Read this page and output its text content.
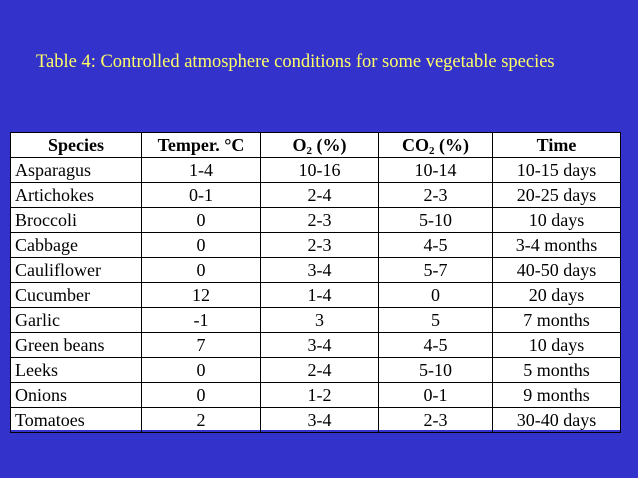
Table 4: Controlled atmosphere conditions for some vegetable species
Species	Temper. °C	O2 (%)	CO2 (%)	Time
Asparagus	1-4	10-16	10-14	10-15 days
Artichokes	0-1	2-4	2-3	20-25 days
Broccoli	0	2-3	5-10	10 days
Cabbage	0	2-3	4-5	3-4 months
Cauliflower	0	3-4	5-7	40-50 days
Cucumber	12	1-4	0	20 days
Garlic	-1	3	5	7 months
Green beans	7	3-4	4-5	10 days
Leeks	0	2-4	5-10	5 months
Onions	0	1-2	0-1	9 months
Tomatoes	2	3-4	2-3	30-40 days
